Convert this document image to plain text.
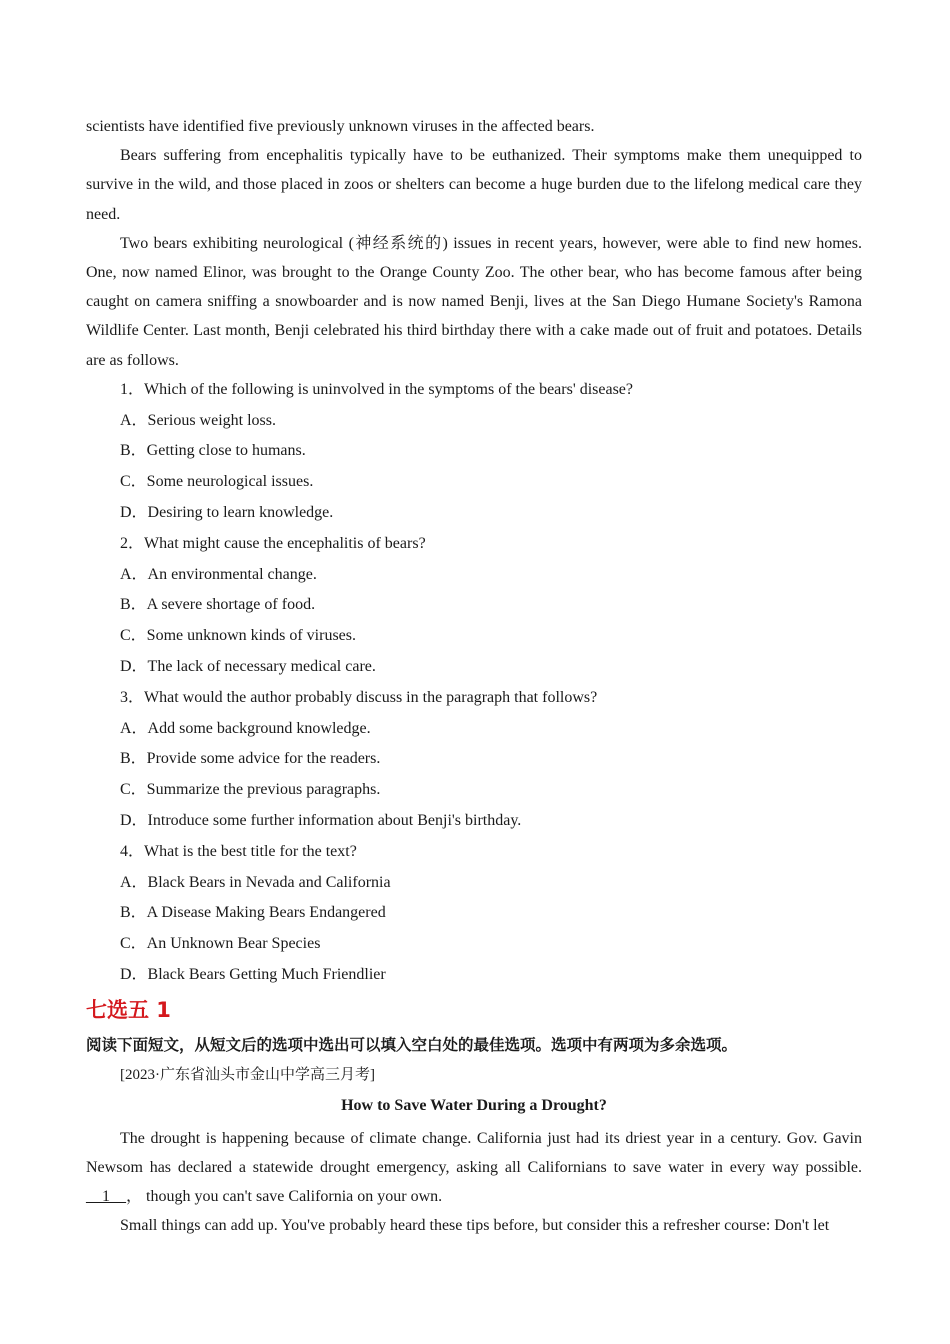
scientists have identified five previously unknown viruses in the affected bears.

Bears suffering from encephalitis typically have to be euthanized. Their symptoms make them unequipped to survive in the wild, and those placed in zoos or shelters can become a huge burden due to the lifelong medical care they need.

Two bears exhibiting neurological (神经系统的) issues in recent years, however, were able to find new homes. One, now named Elinor, was brought to the Orange County Zoo. The other bear, who has become famous after being caught on camera sniffing a snowboarder and is now named Benji, lives at the San Diego Humane Society's Ramona Wildlife Center. Last month, Benji celebrated his third birthday there with a cake made out of fruit and potatoes. Details are as follows.

1．Which of the following is uninvolved in the symptoms of the bears' disease?
A．Serious weight loss.
B．Getting close to humans.
C．Some neurological issues.
D．Desiring to learn knowledge.
2．What might cause the encephalitis of bears?
A．An environmental change.
B．A severe shortage of food.
C．Some unknown kinds of viruses.
D．The lack of necessary medical care.
3．What would the author probably discuss in the paragraph that follows?
A．Add some background knowledge.
B．Provide some advice for the readers.
C．Summarize the previous paragraphs.
D．Introduce some further information about Benji's birthday.
4．What is the best title for the text?
A．Black Bears in Nevada and California
B．A Disease Making Bears Endangered
C．An Unknown Bear Species
D．Black Bears Getting Much Friendlier
七选五 1
阅读下面短文，从短文后的选项中选出可以填入空白处的最佳选项。选项中有两项为多余选项。
[2023·广东省汕头市金山中学高三月考]
How to Save Water During a Drought?

The drought is happening because of climate change. California just had its driest year in a century. Gov. Gavin Newsom has declared a statewide drought emergency, asking all Californians to save water in every way possible. __1__， though you can't save California on your own.

Small things can add up. You've probably heard these tips before, but consider this a refresher course: Don't let
